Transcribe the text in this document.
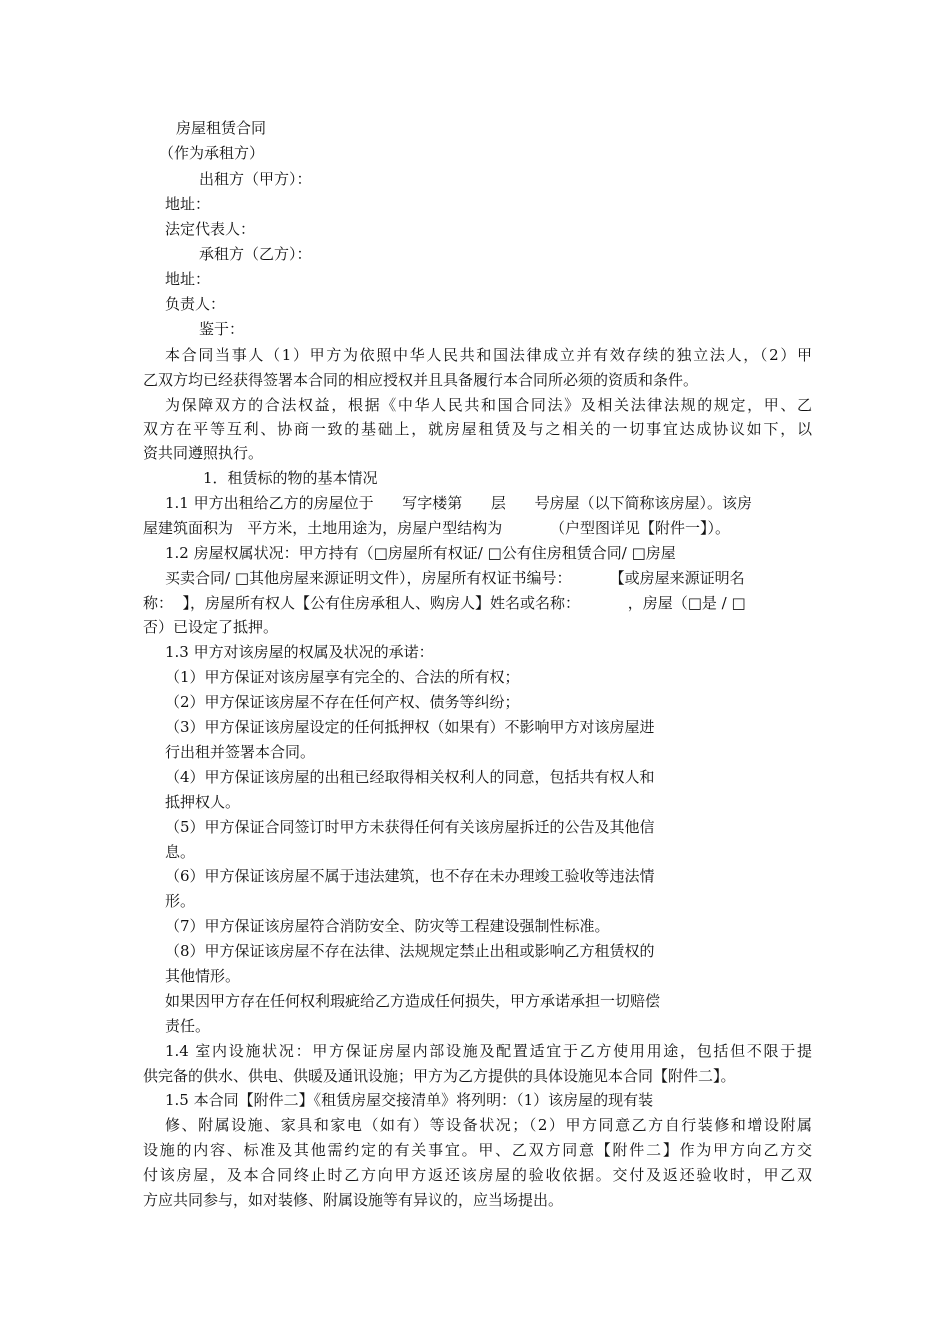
房屋租赁合同
（作为承租方）
出租方（甲方）：
地址：
法定代表人：
承租方（乙方）：
地址：
负责人：
鉴于：
本合同当事人（1）甲方为依照中华人民共和国法律成立并有效存续的独立法人，（2）甲
乙双方均已经获得签署本合同的相应授权并且具备履行本合同所必须的资质和条件。
为保障双方的合法权益，根据《中华人民共和国合同法》及相关法律法规的规定，甲、乙
双方在平等互利、协商一致的基础上，就房屋租赁及与之相关的一切事宜达成协议如下，以
资共同遵照执行。
1．租赁标的物的基本情况
1.1 甲方出租给乙方的房屋位于      写字楼第      层      号房屋（以下简称该房屋）。该房
屋建筑面积为   平方米，土地用途为，房屋户型结构为          （户型图详见【附件一】）。
1.2 房屋权属状况：甲方持有（□房屋所有权证/ □公有住房租赁合同/ □房屋
买卖合同/ □其他房屋来源证明文件），房屋所有权证书编号：        【或房屋来源证明名
称：  】，房屋所有权人【公有住房承租人、购房人】姓名或名称：          ，房屋（□是 / □
否）已设定了抵押。
1.3 甲方对该房屋的权属及状况的承诺：
（1）甲方保证对该房屋享有完全的、合法的所有权；
（2）甲方保证该房屋不存在任何产权、债务等纠纷；
（3）甲方保证该房屋设定的任何抵押权（如果有）不影响甲方对该房屋进
行出租并签署本合同。
（4）甲方保证该房屋的出租已经取得相关权利人的同意，包括共有权人和
抵押权人。
（5）甲方保证合同签订时甲方未获得任何有关该房屋拆迁的公告及其他信
息。
（6）甲方保证该房屋不属于违法建筑，也不存在未办理竣工验收等违法情
形。
（7）甲方保证该房屋符合消防安全、防灾等工程建设强制性标准。
（8）甲方保证该房屋不存在法律、法规规定禁止出租或影响乙方租赁权的
其他情形。
如果因甲方存在任何权利瑕疵给乙方造成任何损失，甲方承诺承担一切赔偿
责任。
1.4 室内设施状况：甲方保证房屋内部设施及配置适宜于乙方使用用途，包括但不限于提
供完备的供水、供电、供暖及通讯设施；甲方为乙方提供的具体设施见本合同【附件二】。
1.5 本合同【附件二】《租赁房屋交接清单》将列明：（1）该房屋的现有装
修、附属设施、家具和家电（如有）等设备状况；（2）甲方同意乙方自行装修和增设附属
设施的内容、标准及其他需约定的有关事宜。甲、乙双方同意【附件二】作为甲方向乙方交
付该房屋，及本合同终止时乙方向甲方返还该房屋的验收依据。交付及返还验收时，甲乙双
方应共同参与，如对装修、附属设施等有异议的，应当场提出。
